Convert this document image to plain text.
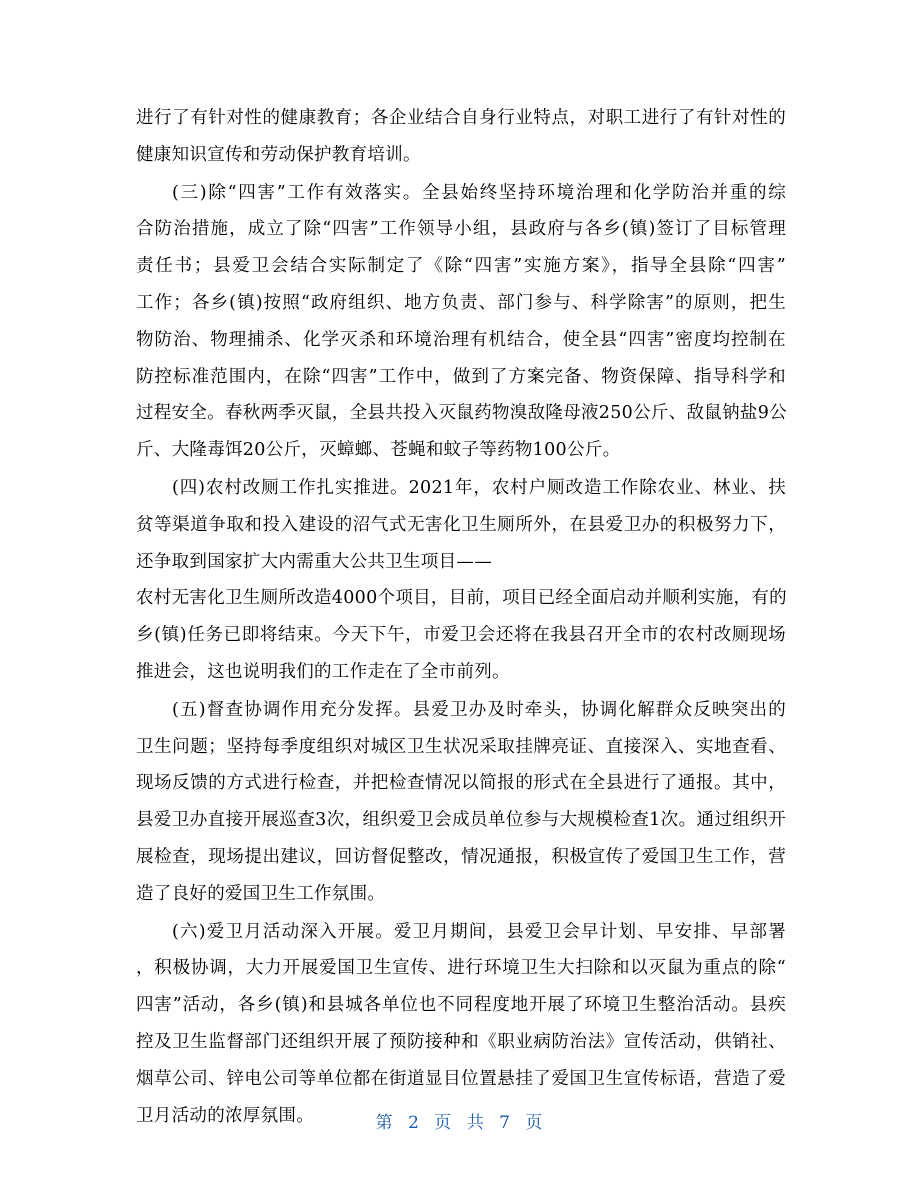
进行了有针对性的健康教育；各企业结合自身行业特点，对职工进行了有针对性的
健康知识宣传和劳动保护教育培训。
(三)除“四害”工作有效落实。全县始终坚持环境治理和化学防治并重的综
合防治措施，成立了除“四害”工作领导小组，县政府与各乡(镇)签订了目标管理
责任书；县爱卫会结合实际制定了《除“四害”实施方案》，指导全县除“四害”
工作；各乡(镇)按照“政府组织、地方负责、部门参与、科学除害”的原则，把生
物防治、物理捕杀、化学灭杀和环境治理有机结合，使全县“四害”密度均控制在
防控标准范围内，在除“四害”工作中，做到了方案完备、物资保障、指导科学和
过程安全。春秋两季灭鼠，全县共投入灭鼠药物溴敌隆母液250公斤、敌鼠钠盐9公
斤、大隆毒饵20公斤，灭蟑螂、苍蝇和蚊子等药物100公斤。
(四)农村改厕工作扎实推进。2021年，农村户厕改造工作除农业、林业、扶
贫等渠道争取和投入建设的沼气式无害化卫生厕所外，在县爱卫办的积极努力下，
还争取到国家扩大内需重大公共卫生项目——
农村无害化卫生厕所改造4000个项目，目前，项目已经全面启动并顺利实施，有的
乡(镇)任务已即将结束。今天下午，市爱卫会还将在我县召开全市的农村改厕现场
推进会，这也说明我们的工作走在了全市前列。
(五)督查协调作用充分发挥。县爱卫办及时牵头，协调化解群众反映突出的
卫生问题；坚持每季度组织对城区卫生状况采取挂牌亮证、直接深入、实地查看、
现场反馈的方式进行检查，并把检查情况以简报的形式在全县进行了通报。其中，
县爱卫办直接开展巡查3次，组织爱卫会成员单位参与大规模检查1次。通过组织开
展检查，现场提出建议，回访督促整改，情况通报，积极宣传了爱国卫生工作，营
造了良好的爱国卫生工作氛围。
(六)爱卫月活动深入开展。爱卫月期间，县爱卫会早计划、早安排、早部署
，积极协调，大力开展爱国卫生宣传、进行环境卫生大扫除和以灭鼠为重点的除“
四害”活动，各乡(镇)和县城各单位也不同程度地开展了环境卫生整治活动。县疾
控及卫生监督部门还组织开展了预防接种和《职业病防治法》宣传活动，供销社、
烟草公司、锌电公司等单位都在街道显目位置悬挂了爱国卫生宣传标语，营造了爱
卫月活动的浓厚氛围。	第 2 页 共 7 页
